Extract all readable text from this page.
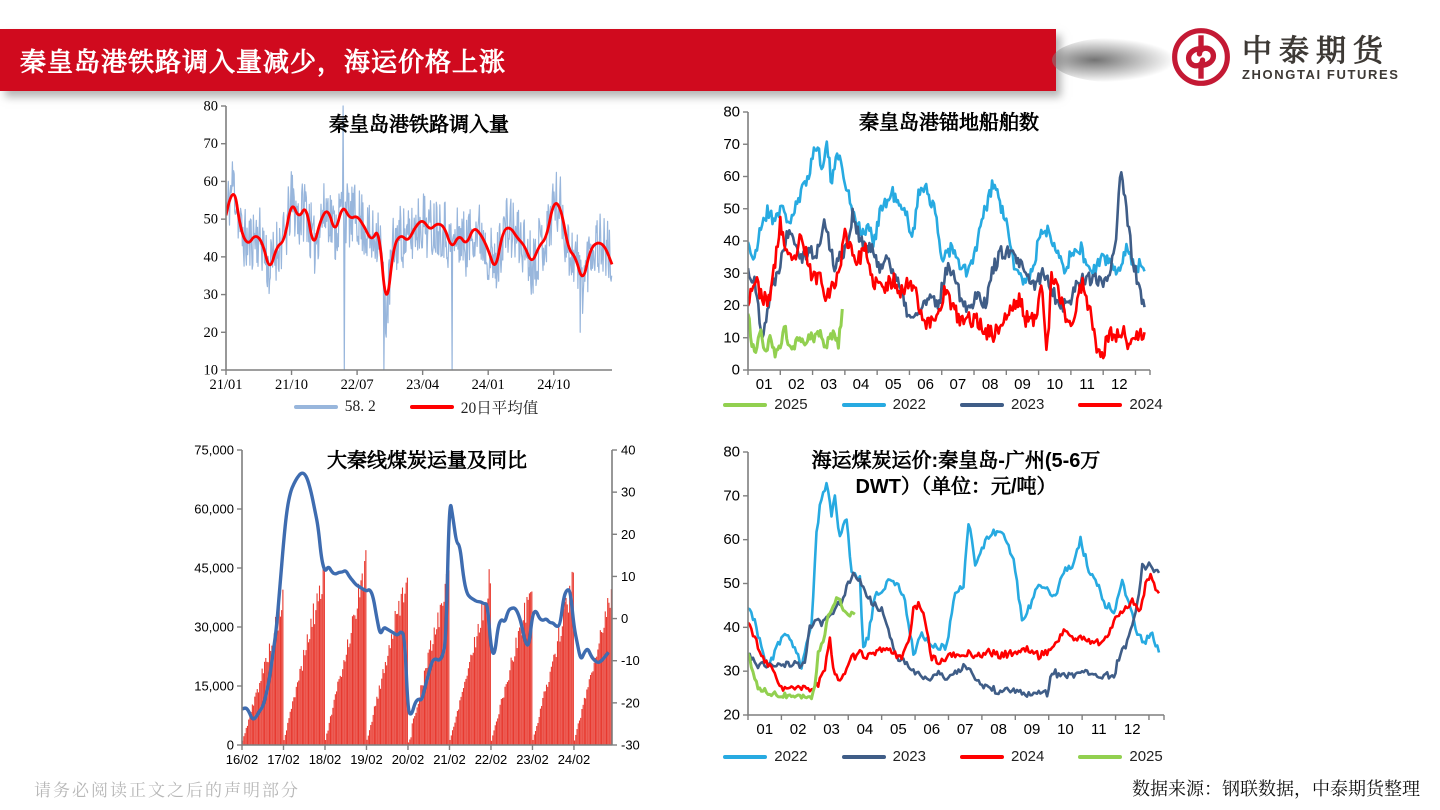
秦皇岛港铁路调入量减少，海运价格上涨	中泰期货
ZHONGTAI FUTURES
秦皇岛港铁路调入量
10
20
30
40
50
60
70
80
21/01 21/10 22/07 23/04 24/01 24/10
58. 2	20日平均值
秦皇岛港锚地船舶数
0
10
20
30
40
50
60
70
80
01 02 03 04 05 06 07 08 09 10 11 12
2025	2022	2023	2024
大秦线煤炭运量及同比
0
15,000
30,000
45,000
60,000
75,000
-30
-20
-10
0
10
20
30
40
16/02 17/02 18/02 19/02 20/02 21/02 22/02 23/02 24/02
海运煤炭运价:秦皇岛-广州(5-6万
DWT）（单位：元/吨）
20
30
40
50
60
70
80
01 02 03 04 05 06 07 08 09 10 11 12
2022	2023	2024	2025
请务必阅读正文之后的声明部分	数据来源：钢联数据，中泰期货整理
